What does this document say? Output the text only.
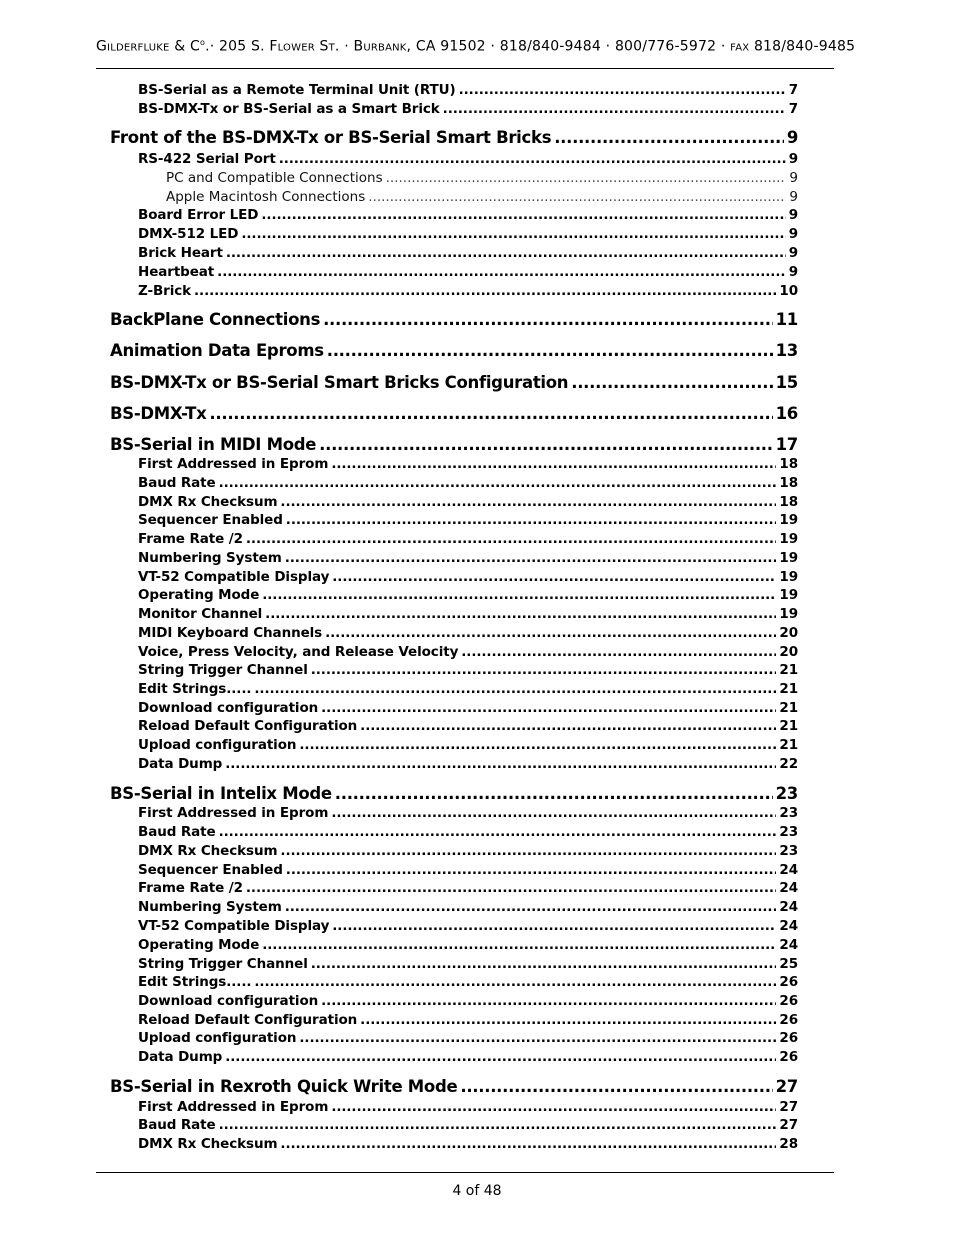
Gilderfluke & $C^o.\cdot 205$ S. Flower St. · Burbank, CA 91502 · 818/840-9484 · 800/776-5972 · fax 818/840-9485
BS-Serial as a Remote Terminal Unit (RTU) .....	7
BS-DMX-Tx or BS-Serial as a Smart Brick .....	7
Front of the BS-DMX-Tx or BS-Serial Smart Bricks .....	9
RS-422 Serial Port .....	9
PC and Compatible Connections .....	9
Apple Macintosh Connections .....	9
Board Error LED .....	9
DMX-512 LED .....	9
Brick Heart .....	9
Heartbeat .....	9
Z-Brick .....	10
BackPlane Connections .....	11
Animation Data Eproms .....	13
BS-DMX-Tx or BS-Serial Smart Bricks Configuration .....	15
BS-DMX-Tx .....	16
BS-Serial in MIDI Mode .....	17
First Addressed in Eprom .....	18
Baud Rate .....	18
DMX Rx Checksum .....	18
Sequencer Enabled .....	19
Frame Rate /2 .....	19
Numbering System .....	19
VT-52 Compatible Display .....	19
Operating Mode .....	19
Monitor Channel .....	19
MIDI Keyboard Channels .....	20
Voice, Press Velocity, and Release Velocity .....	20
String Trigger Channel .....	21
Edit Strings..... .....	21
Download configuration .....	21
Reload Default Configuration .....	21
Upload configuration .....	21
Data Dump .....	22
BS-Serial in Intelix Mode .....	23
First Addressed in Eprom .....	23
Baud Rate .....	23
DMX Rx Checksum .....	23
Sequencer Enabled .....	24
Frame Rate /2 .....	24
Numbering System .....	24
VT-52 Compatible Display .....	24
Operating Mode .....	24
String Trigger Channel .....	25
Edit Strings..... .....	26
Download configuration .....	26
Reload Default Configuration .....	26
Upload configuration .....	26
Data Dump .....	26
BS-Serial in Rexroth Quick Write Mode .....	27
First Addressed in Eprom .....	27
Baud Rate .....	27
DMX Rx Checksum .....	28
4 of 48
